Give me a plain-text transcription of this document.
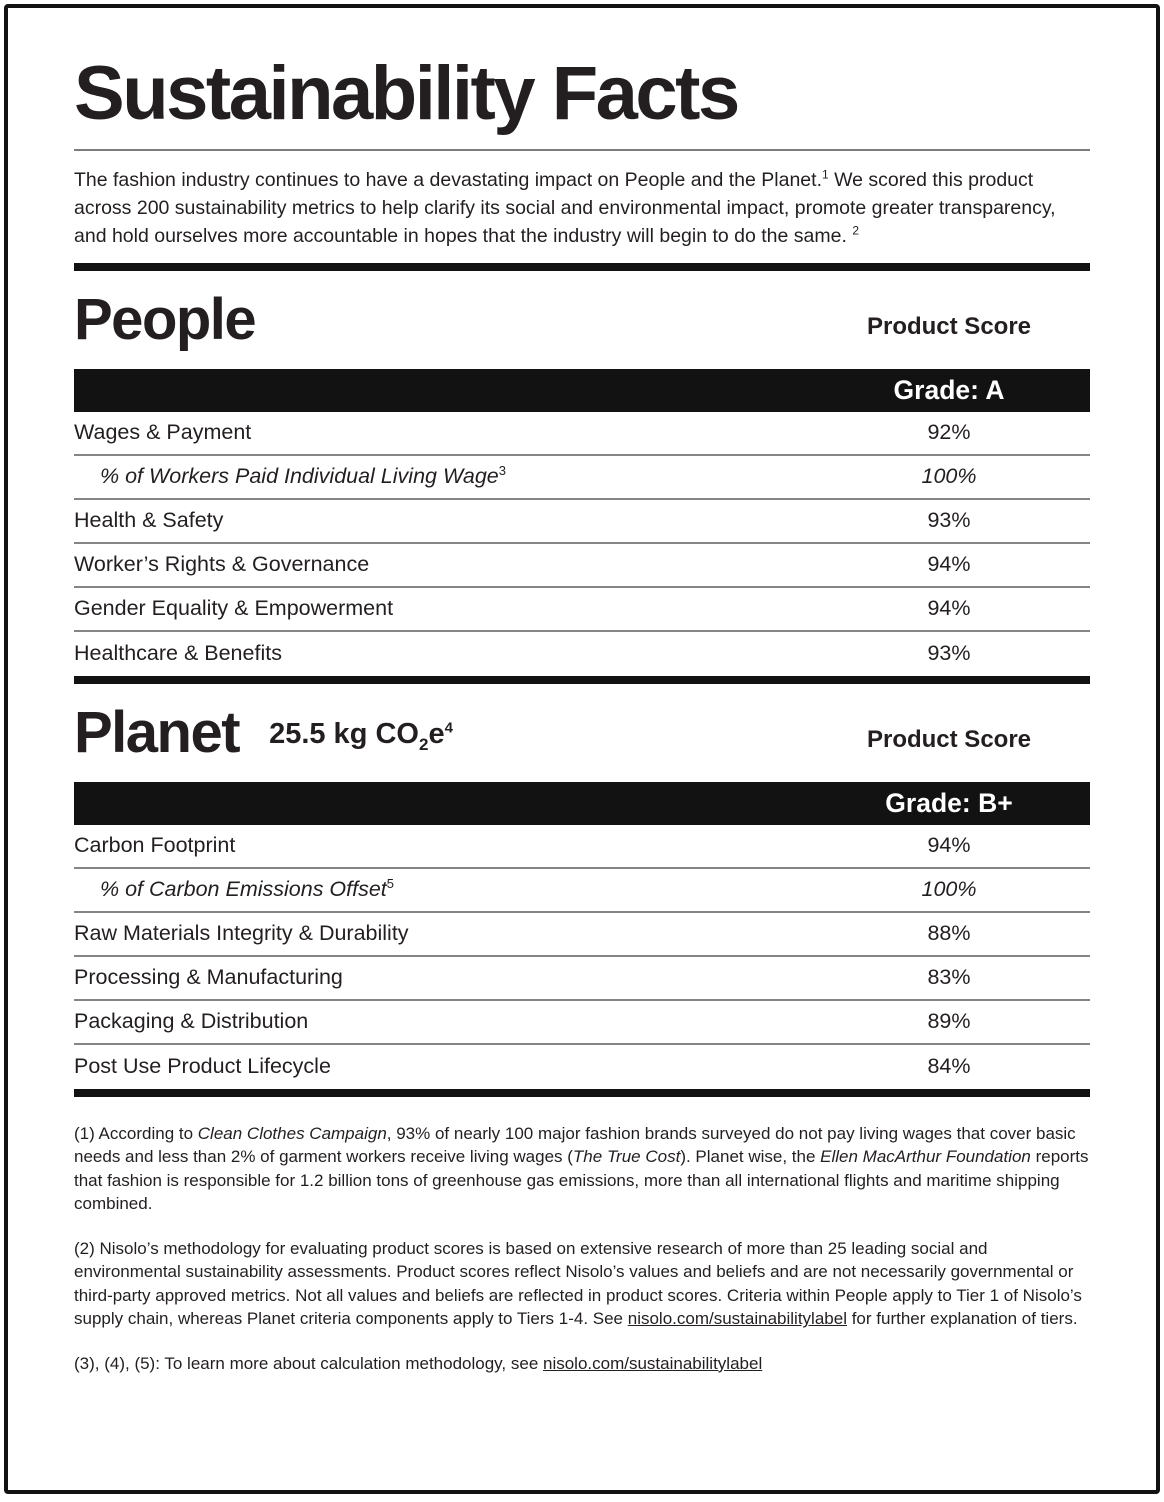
Sustainability Facts

The fashion industry continues to have a devastating impact on People and the Planet.$^1$ We scored this product across 200 sustainability metrics to help clarify its social and environmental impact, promote greater transparency, and hold ourselves more accountable in hopes that the industry will begin to do the same. $^2$

People	Product Score
Grade: A
Wages & Payment	92%
% of Workers Paid Individual Living Wage$^3$	100%
Health & Safety	93%
Worker’s Rights & Governance	94%
Gender Equality & Empowerment	94%
Healthcare & Benefits	93%
Planet 25.5 kg $CO_2e^4$	Product Score
Grade: B+
Carbon Footprint	94%
% of Carbon Emissions Offset$^5$	100%
Raw Materials Integrity & Durability	88%
Processing & Manufacturing	83%
Packaging & Distribution	89%
Post Use Product Lifecycle	84%

(1) According to Clean Clothes Campaign, 93% of nearly 100 major fashion brands surveyed do not pay living wages that cover basic needs and less than 2% of garment workers receive living wages (The True Cost). Planet wise, the Ellen MacArthur Foundation reports that fashion is responsible for 1.2 billion tons of greenhouse gas emissions, more than all international flights and maritime shipping combined.

(2) Nisolo’s methodology for evaluating product scores is based on extensive research of more than 25 leading social and environmental sustainability assessments. Product scores reflect Nisolo’s values and beliefs and are not necessarily governmental or third-party approved metrics. Not all values and beliefs are reflected in product scores. Criteria within People apply to Tier 1 of Nisolo’s supply chain, whereas Planet criteria components apply to Tiers 1-4. See nisolo.com/sustainabilitylabel for further explanation of tiers.

(3), (4), (5): To learn more about calculation methodology, see nisolo.com/sustainabilitylabel
